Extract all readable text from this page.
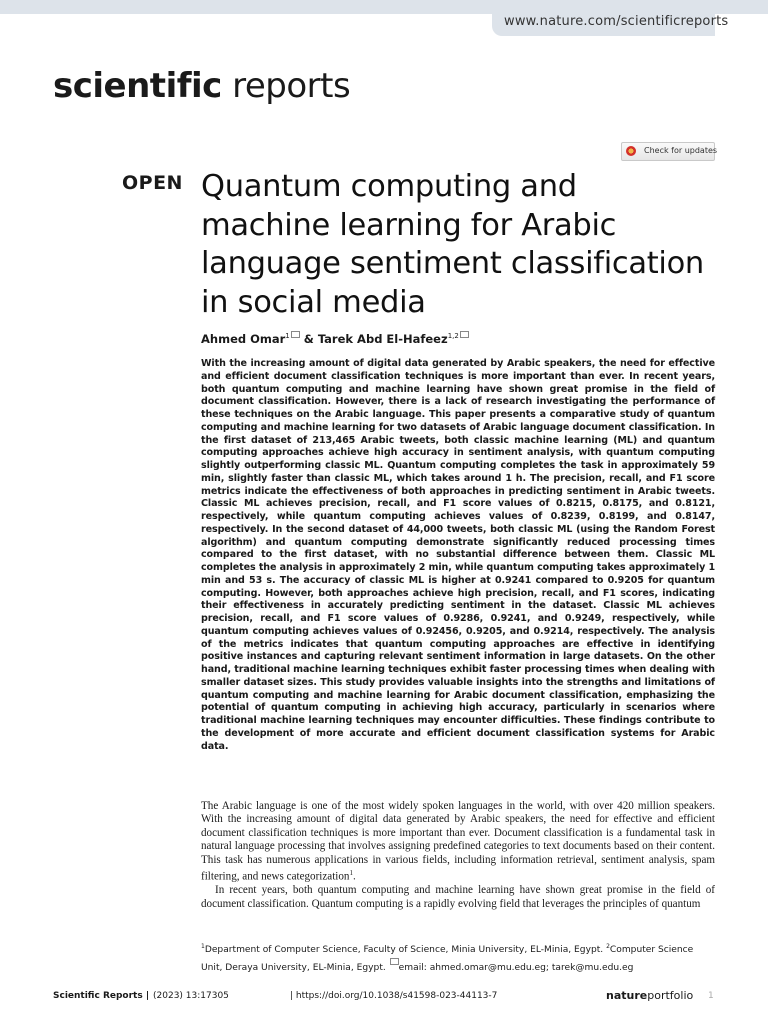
www.nature.com/scientificreports
scientific reports
Check for updates
OPEN Quantum computing and machine learning for Arabic language sentiment classification in social media
Ahmed Omar$^1$ & Tarek Abd El-Hafeez$^{1,2}$

With the increasing amount of digital data generated by Arabic speakers, the need for effective and efficient document classification techniques is more important than ever. In recent years, both quantum computing and machine learning have shown great promise in the field of document classification. However, there is a lack of research investigating the performance of these techniques on the Arabic language. This paper presents a comparative study of quantum computing and machine learning for two datasets of Arabic language document classification. In the first dataset of 213,465 Arabic tweets, both classic machine learning (ML) and quantum computing approaches achieve high accuracy in sentiment analysis, with quantum computing slightly outperforming classic ML. Quantum computing completes the task in approximately 59 min, slightly faster than classic ML, which takes around 1 h. The precision, recall, and F1 score metrics indicate the effectiveness of both approaches in predicting sentiment in Arabic tweets. Classic ML achieves precision, recall, and F1 score values of 0.8215, 0.8175, and 0.8121, respectively, while quantum computing achieves values of 0.8239, 0.8199, and 0.8147, respectively. In the second dataset of 44,000 tweets, both classic ML (using the Random Forest algorithm) and quantum computing demonstrate significantly reduced processing times compared to the first dataset, with no substantial difference between them. Classic ML completes the analysis in approximately 2 min, while quantum computing takes approximately 1 min and 53 s. The accuracy of classic ML is higher at 0.9241 compared to 0.9205 for quantum computing. However, both approaches achieve high precision, recall, and F1 scores, indicating their effectiveness in accurately predicting sentiment in the dataset. Classic ML achieves precision, recall, and F1 score values of 0.9286, 0.9241, and 0.9249, respectively, while quantum computing achieves values of 0.92456, 0.9205, and 0.9214, respectively. The analysis of the metrics indicates that quantum computing approaches are effective in identifying positive instances and capturing relevant sentiment information in large datasets. On the other hand, traditional machine learning techniques exhibit faster processing times when dealing with smaller dataset sizes. This study provides valuable insights into the strengths and limitations of quantum computing and machine learning for Arabic document classification, emphasizing the potential of quantum computing in achieving high accuracy, particularly in scenarios where traditional machine learning techniques may encounter difficulties. These findings contribute to the development of more accurate and efficient document classification systems for Arabic data.

The Arabic language is one of the most widely spoken languages in the world, with over 420 million speakers. With the increasing amount of digital data generated by Arabic speakers, the need for effective and efficient document classification techniques is more important than ever. Document classification is a fundamental task in natural language processing that involves assigning predefined categories to text documents based on their content. This task has numerous applications in various fields, including information retrieval, sentiment analysis, spam filtering, and news categorization$^1$.

In recent years, both quantum computing and machine learning have shown great promise in the field of document classification. Quantum computing is a rapidly evolving field that leverages the principles of quantum

$^1$Department of Computer Science, Faculty of Science, Minia University, EL-Minia, Egypt. $^2$Computer Science Unit, Deraya University, EL-Minia, Egypt. email: ahmed.omar@mu.edu.eg; tarek@mu.edu.eg

Scientific Reports | (2023) 13:17305	| https://doi.org/10.1038/s41598-023-44113-7	natureportfolio 1
